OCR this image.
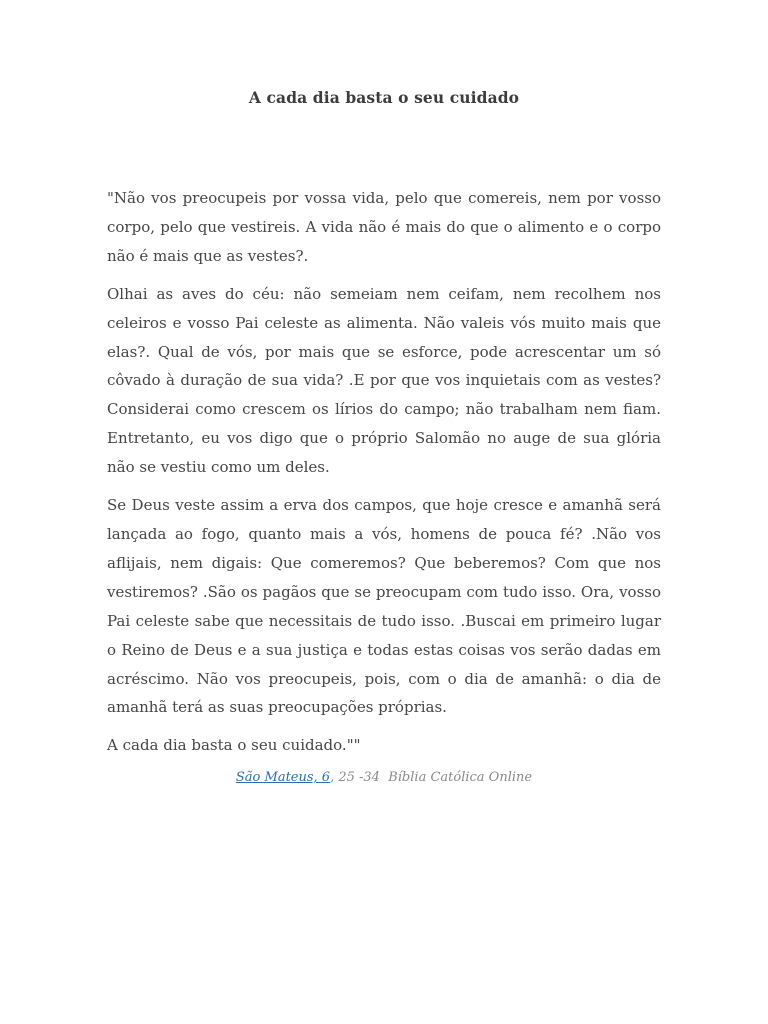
A cada dia basta o seu cuidado

"Não vos preocupeis por vossa vida, pelo que comereis, nem por vosso corpo, pelo que vestireis. A vida não é mais do que o alimento e o corpo não é mais que as vestes?.

Olhai as aves do céu: não semeiam nem ceifam, nem recolhem nos celeiros e vosso Pai celeste as alimenta. Não valeis vós muito mais que elas?. Qual de vós, por mais que se esforce, pode acrescentar um só côvado à duração de sua vida? .E por que vos inquietais com as vestes? Considerai como crescem os lírios do campo; não trabalham nem fiam. Entretanto, eu vos digo que o próprio Salomão no auge de sua glória não se vestiu como um deles.

Se Deus veste assim a erva dos campos, que hoje cresce e amanhã será lançada ao fogo, quanto mais a vós, homens de pouca fé? .Não vos aflijais, nem digais: Que comeremos? Que beberemos? Com que nos vestiremos? .São os pagãos que se preocupam com tudo isso. Ora, vosso Pai celeste sabe que necessitais de tudo isso. .Buscai em primeiro lugar o Reino de Deus e a sua justiça e todas estas coisas vos serão dadas em acréscimo. Não vos preocupeis, pois, com o dia de amanhã: o dia de amanhã terá as suas preocupações próprias.

A cada dia basta o seu cuidado.""

São Mateus, 6, 25 -34 Bíblia Católica Online
